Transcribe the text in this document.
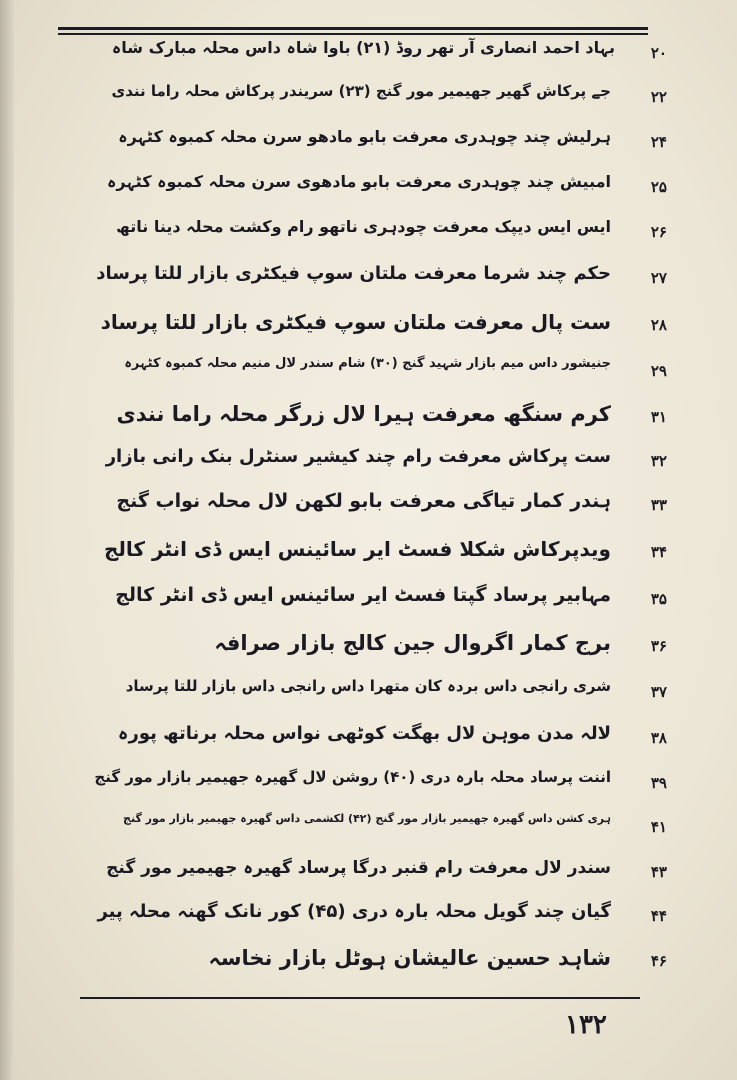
۲۰
بہاد احمد انصاری آر تھر روڈ (۲۱) باوا شاہ داس محلہ مبارک شاہ
۲۲
جے پرکاش گھیر جھیمیر مور گنج (۲۳) سریندر پرکاش محلہ راما نندی
۲۴
ہرلیش چند چوہدری معرفت بابو مادھو سرن محلہ کمبوہ کٹہرہ
۲۵
امبیش چند چوہدری معرفت بابو مادھوی سرن محلہ کمبوہ کٹہرہ
۲۶
ایس ایس دیپک معرفت چودہری ناتھو رام وکشت محلہ دینا ناتھ
۲۷
حکم چند شرما معرفت ملتان سوپ فیکٹری بازار للتا پرساد
۲۸
ست پال معرفت ملتان سوپ فیکٹری بازار للتا پرساد
۲۹
جنیشور داس میم بازار شہید گنج (۳۰) شام سندر لال منیم محلہ کمبوہ کٹہرہ
۳۱
کرم سنگھ معرفت ہیرا لال زرگر محلہ راما نندی
۳۲
ست پرکاش معرفت رام چند کیشیر سنٹرل بنک رانی بازار
۳۳
ہندر کمار تیاگی معرفت بابو لکھن لال محلہ نواب گنج
۳۴
ویدپرکاش شکلا فسٹ ایر سائینس ایس ڈی انٹر کالج
۳۵
مہابیر پرساد گپتا فسٹ ایر سائینس ایس ڈی انٹر کالج
۳۶
برج کمار اگروال جین کالج بازار صرافہ
۳۷
شری رانجی داس بردہ کان متھرا داس رانجی داس بازار للتا پرساد
۳۸
لالہ مدن موہن لال بھگت کوٹھی نواس محلہ برناتھ پورہ
۳۹
اننت پرساد محلہ بارہ دری (۴۰) روشن لال گھیرہ جھیمیر بازار مور گنج
۴۱
ہری کشن داس گھیرہ جھیمیر بازار مور گنج (۴۲) لکشمی داس گھیرہ جھیمیر بازار مور گنج
۴۳
سندر لال معرفت رام قنبر درگا پرساد گھیرہ جھیمیر مور گنج
۴۴
گیان چند گویل محلہ بارہ دری (۴۵) کور نانک گھنہ محلہ پیر
۴۶
شاہد حسین عالیشان ہوٹل بازار نخاسہ
۱۳۲
